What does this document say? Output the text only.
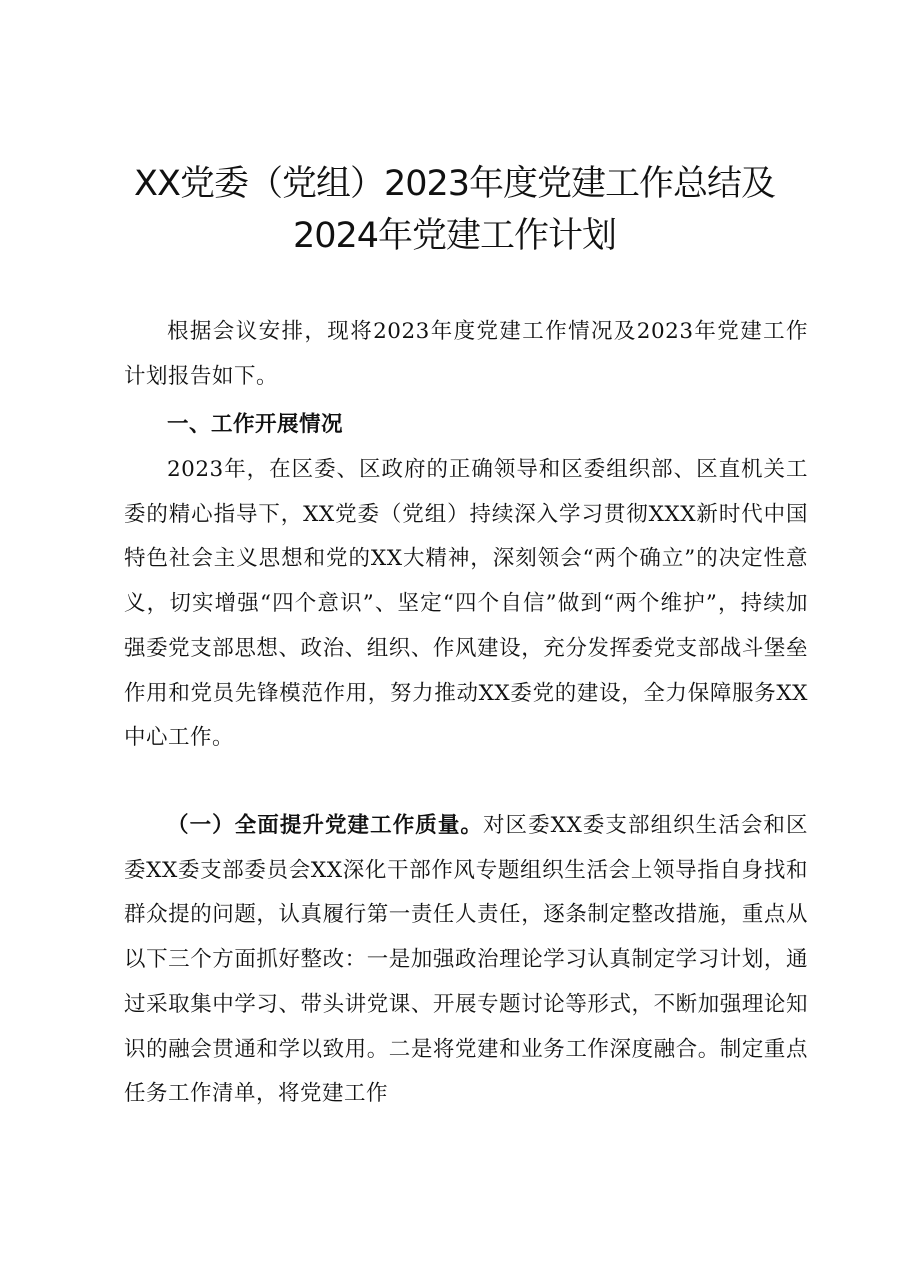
XX党委（党组）2023年度党建工作总结及
2024年党建工作计划

根据会议安排，现将2023年度党建工作情况及2023年党建工作计划报告如下。

一、工作开展情况

2023年，在区委、区政府的正确领导和区委组织部、区直机关工委的精心指导下，XX党委（党组）持续深入学习贯彻XXX新时代中国特色社会主义思想和党的XX大精神，深刻领会“两个确立”的决定性意义，切实增强“四个意识”、坚定“四个自信”做到“两个维护”，持续加强委党支部思想、政治、组织、作风建设，充分发挥委党支部战斗堡垒作用和党员先锋模范作用，努力推动XX委党的建设，全力保障服务XX中心工作。

（一）全面提升党建工作质量。对区委XX委支部组织生活会和区委XX委支部委员会XX深化干部作风专题组织生活会上领导指自身找和群众提的问题，认真履行第一责任人责任，逐条制定整改措施，重点从以下三个方面抓好整改：一是加强政治理论学习认真制定学习计划，通过采取集中学习、带头讲党课、开展专题讨论等形式，不断加强理论知识的融会贯通和学以致用。二是将党建和业务工作深度融合。制定重点任务工作清单，将党建工作
